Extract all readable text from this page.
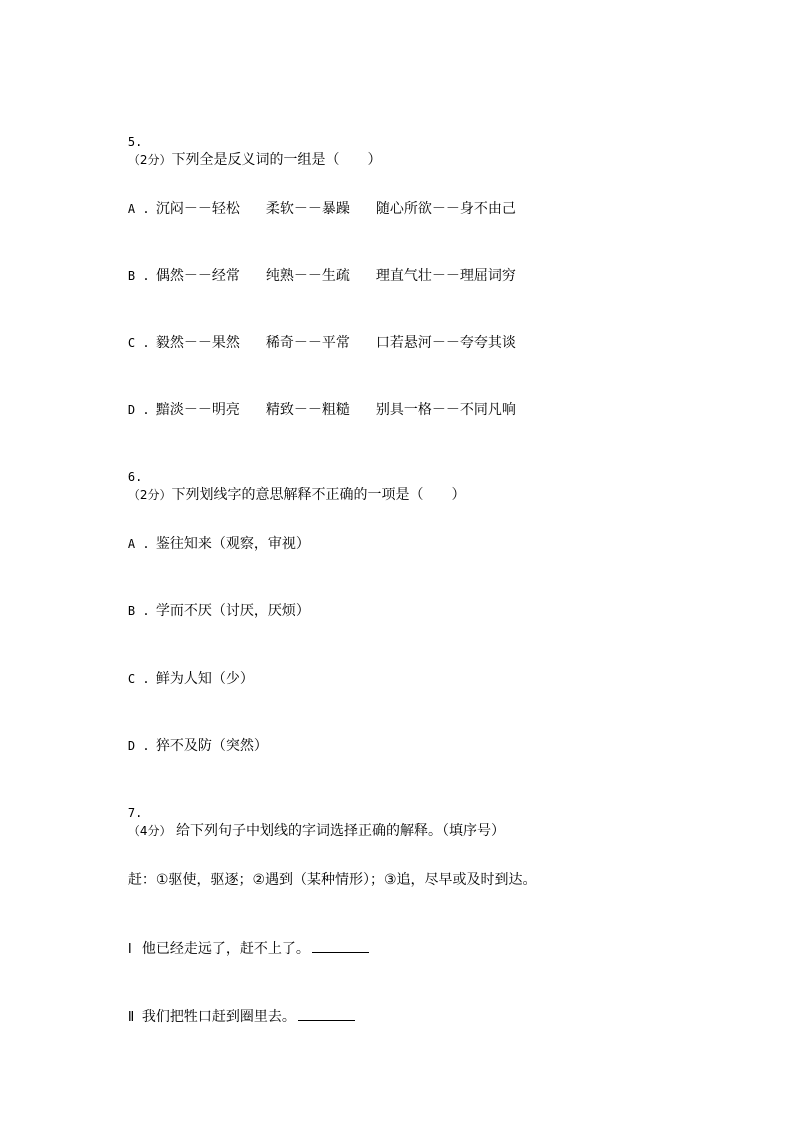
5.
（2分）下列全是反义词的一组是（　　）

A . 沉闷－－轻松 柔软－－暴躁 随心所欲－－身不由己

B . 偶然－－经常 纯熟－－生疏 理直气壮－－理屈词穷

C . 毅然－－果然 稀奇－－平常 口若悬河－－夸夸其谈

D . 黯淡－－明亮 精致－－粗糙 别具一格－－不同凡响

6.
（2分）下列划线字的意思解释不正确的一项是（　　）

A . 鉴往知来（观察，审视）

B . 学而不厌（讨厌，厌烦）

C . 鲜为人知（少）

D . 猝不及防（突然）

7.
（4分） 给下列句子中划线的字词选择正确的解释。（填序号）

赶：①驱使，驱逐；②遇到（某种情形）；③追，尽早或及时到达。

Ⅰ 他已经走远了，赶不上了。

Ⅱ 我们把牲口赶到圈里去。
